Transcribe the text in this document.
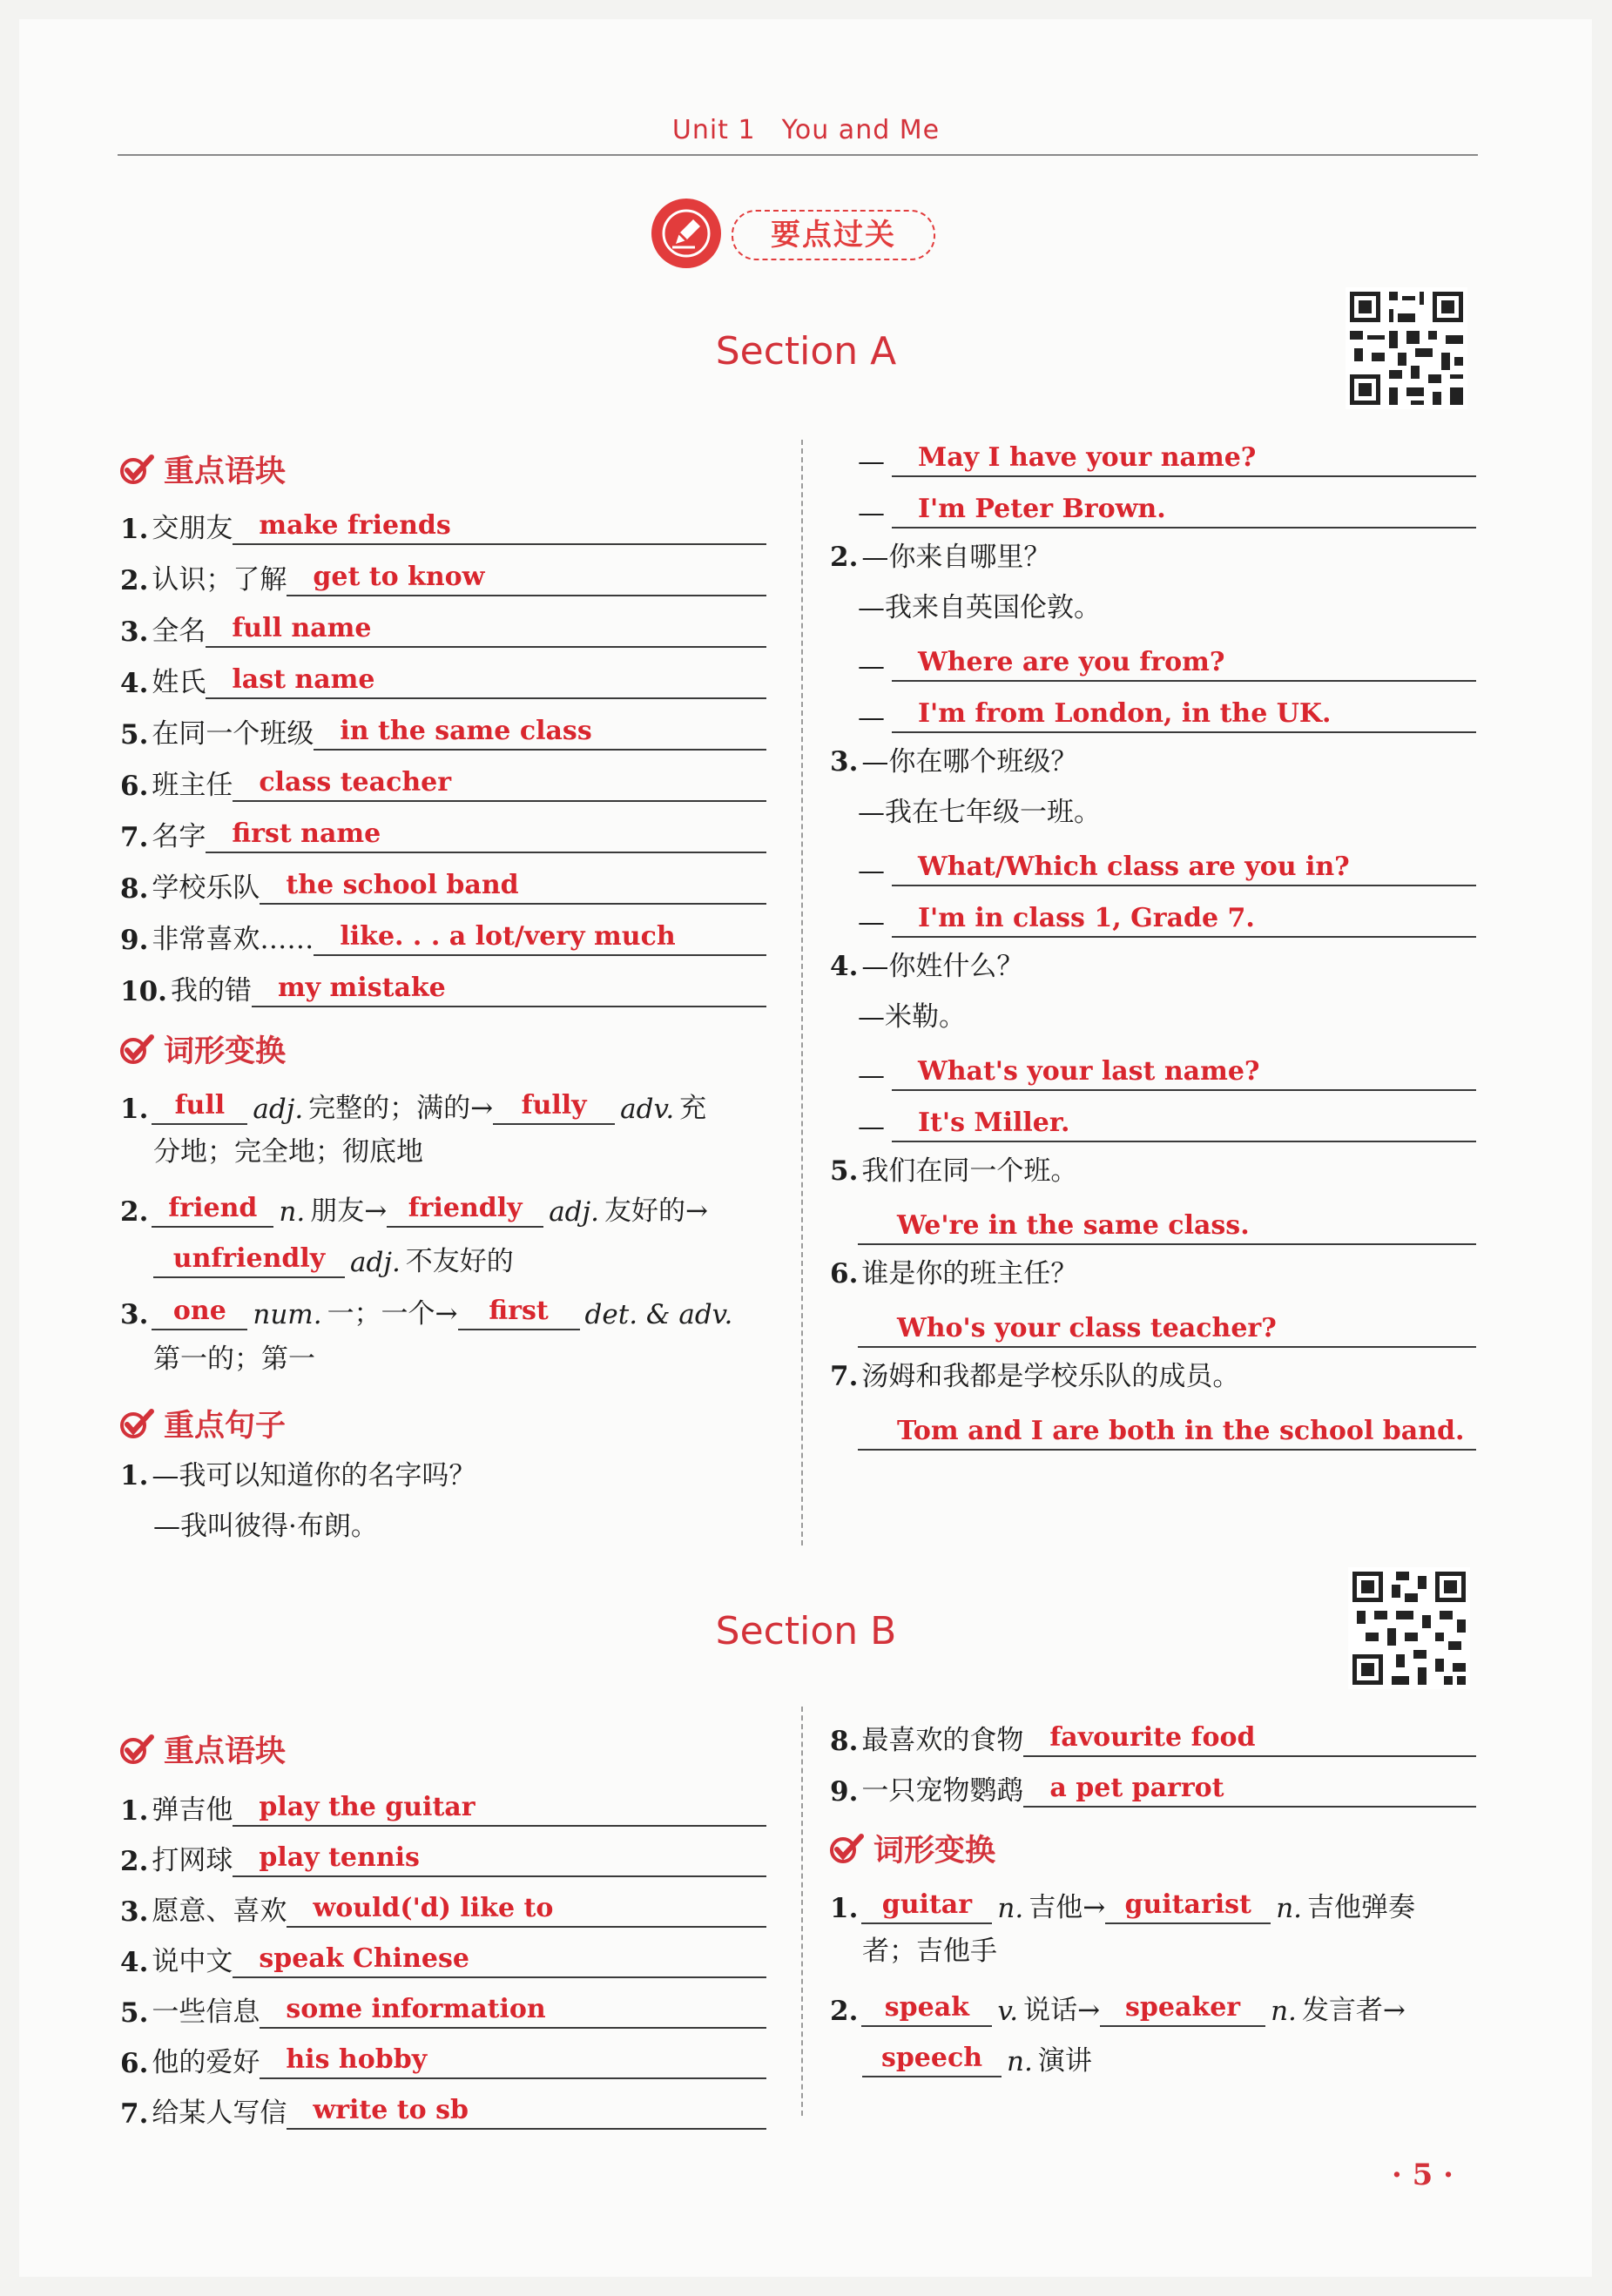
Unit 1 You and Me
要点过关
Section A
重点语块
1. 交朋友	make friends
2. 认识；了解	get to know
3. 全名	full name
4. 姓氏	last name
5. 在同一个班级	in the same class
6. 班主任	class teacher
7. 名字	first name
8. 学校乐队	the school band
9. 非常喜欢……	like. . . a lot/very much
10. 我的错	my mistake
词形变换
1.	full	adj. 完整的；满的→	fully	adv. 充
分地；完全地；彻底地
2. friend n. 朋友→ friendly adj. 友好的→
unfriendly adj. 不友好的
3. one num. 一；一个→	first	det. & adv.
第一的；第一
重点句子
1. —我可以知道你的名字吗？
—我叫彼得·布朗。
—	May I have your name?
—	I'm Peter Brown.
2. —你来自哪里？
—我来自英国伦敦。
—	Where are you from?
—	I'm from London, in the UK.
3. —你在哪个班级？
—我在七年级一班。
—	What/Which class are you in?
—	I'm in class 1, Grade 7.
4. —你姓什么？
—米勒。
—	What's your last name?
—	It's Miller.
5. 我们在同一个班。
We're in the same class.
6. 谁是你的班主任？
Who's your class teacher?
7. 汤姆和我都是学校乐队的成员。
Tom and I are both in the school band.
Section B
重点语块
1. 弹吉他	play the guitar
2. 打网球	play tennis
3. 愿意、喜欢	would('d) like to
4. 说中文	speak Chinese
5. 一些信息	some information
6. 他的爱好	his hobby
7. 给某人写信	write to sb
8. 最喜欢的食物	favourite food
9. 一只宠物鹦鹉	a pet parrot
词形变换
1. guitar n. 吉他→ guitarist n. 吉他弹奏
者；吉他手
2.	speak	v. 说话→ speaker	n. 发言者→
speech n. 演讲
· 5 ·
